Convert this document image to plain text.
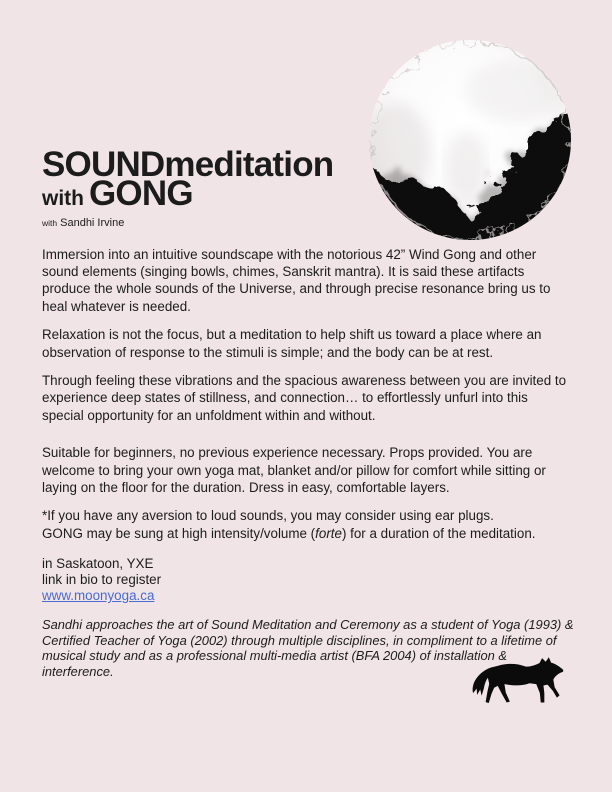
SOUNDmeditation
with GONG
with Sandhi Irvine

Immersion into an intuitive soundscape with the notorious 42” Wind Gong and other sound elements (singing bowls, chimes, Sanskrit mantra). It is said these artifacts produce the whole sounds of the Universe, and through precise resonance bring us to heal whatever is needed.

Relaxation is not the focus, but a meditation to help shift us toward a place where an observation of response to the stimuli is simple; and the body can be at rest.

Through feeling these vibrations and the spacious awareness between you are invited to experience deep states of stillness, and connection… to effortlessly unfurl into this special opportunity for an unfoldment within and without.

Suitable for beginners, no previous experience necessary. Props provided. You are welcome to bring your own yoga mat, blanket and/or pillow for comfort while sitting or laying on the floor for the duration. Dress in easy, comfortable layers.

*If you have any aversion to loud sounds, you may consider using ear plugs.
GONG may be sung at high intensity/volume (forte) for a duration of the meditation.

in Saskatoon, YXE
link in bio to register
www.moonyoga.ca

Sandhi approaches the art of Sound Meditation and Ceremony as a student of Yoga (1993) & Certified Teacher of Yoga (2002) through multiple disciplines, in compliment to a lifetime of musical study and as a professional multi-media artist (BFA 2004) of installation & interference.
